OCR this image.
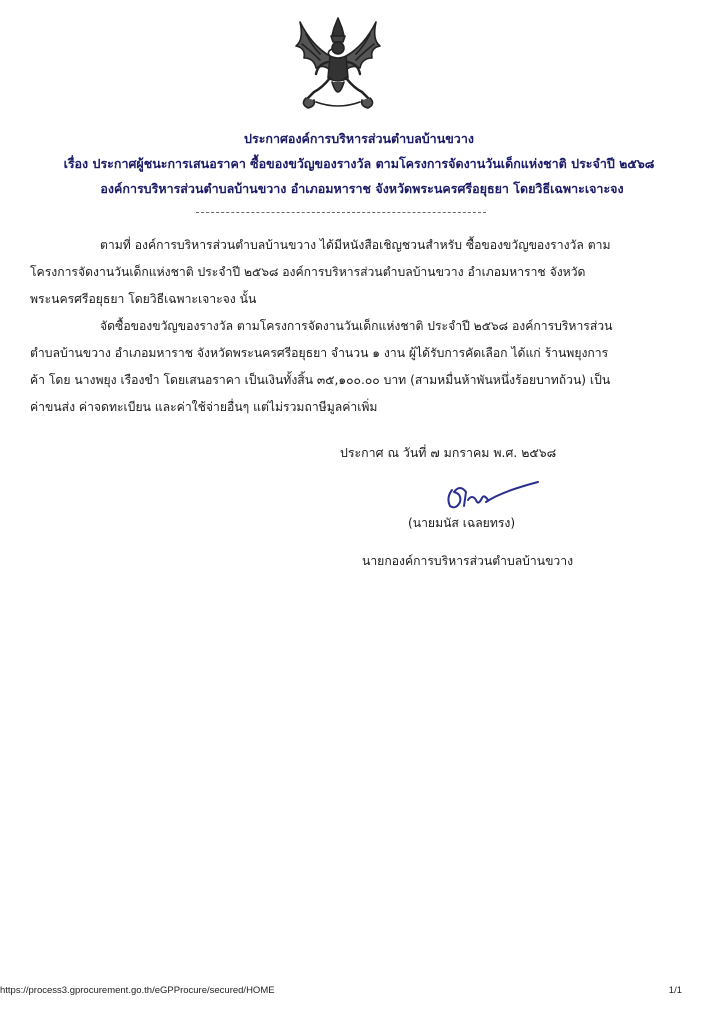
ประกาศองค์การบริหารส่วนตำบลบ้านขวาง
เรื่อง ประกาศผู้ชนะการเสนอราคา ซื้อของขวัญของรางวัล ตามโครงการจัดงานวันเด็กแห่งชาติ ประจำปี ๒๕๖๘
องค์การบริหารส่วนตำบลบ้านขวาง อำเภอมหาราช จังหวัดพระนครศรีอยุธยา โดยวิธีเฉพาะเจาะจง
ตามที่ องค์การบริหารส่วนตำบลบ้านขวาง ได้มีหนังสือเชิญชวนสำหรับ ซื้อของขวัญของรางวัล ตาม
โครงการจัดงานวันเด็กแห่งชาติ ประจำปี ๒๕๖๘ องค์การบริหารส่วนตำบลบ้านขวาง อำเภอมหาราช จังหวัด
พระนครศรีอยุธยา โดยวิธีเฉพาะเจาะจง นั้น
จัดซื้อของขวัญของรางวัล ตามโครงการจัดงานวันเด็กแห่งชาติ ประจำปี ๒๕๖๘ องค์การบริหารส่วน
ตำบลบ้านขวาง อำเภอมหาราช จังหวัดพระนครศรีอยุธยา จำนวน ๑ งาน ผู้ได้รับการคัดเลือก ได้แก่ ร้านพยุงการ
ค้า โดย นางพยุง เรืองขำ โดยเสนอราคา เป็นเงินทั้งสิ้น ๓๕,๑๐๐.๐๐ บาท (สามหมื่นห้าพันหนึ่งร้อยบาทถ้วน) เป็น
ค่าขนส่ง ค่าจดทะเบียน และค่าใช้จ่ายอื่นๆ แต่ไม่รวมถาษีมูลค่าเพิ่ม
ประกาศ ณ วันที่ ๗ มกราคม พ.ศ. ๒๕๖๘
(นายมนัส เฉลยทรง)
นายกองค์การบริหารส่วนตำบลบ้านขวาง
https://process3.gprocurement.go.th/eGPProcure/secured/HOME	1/1
